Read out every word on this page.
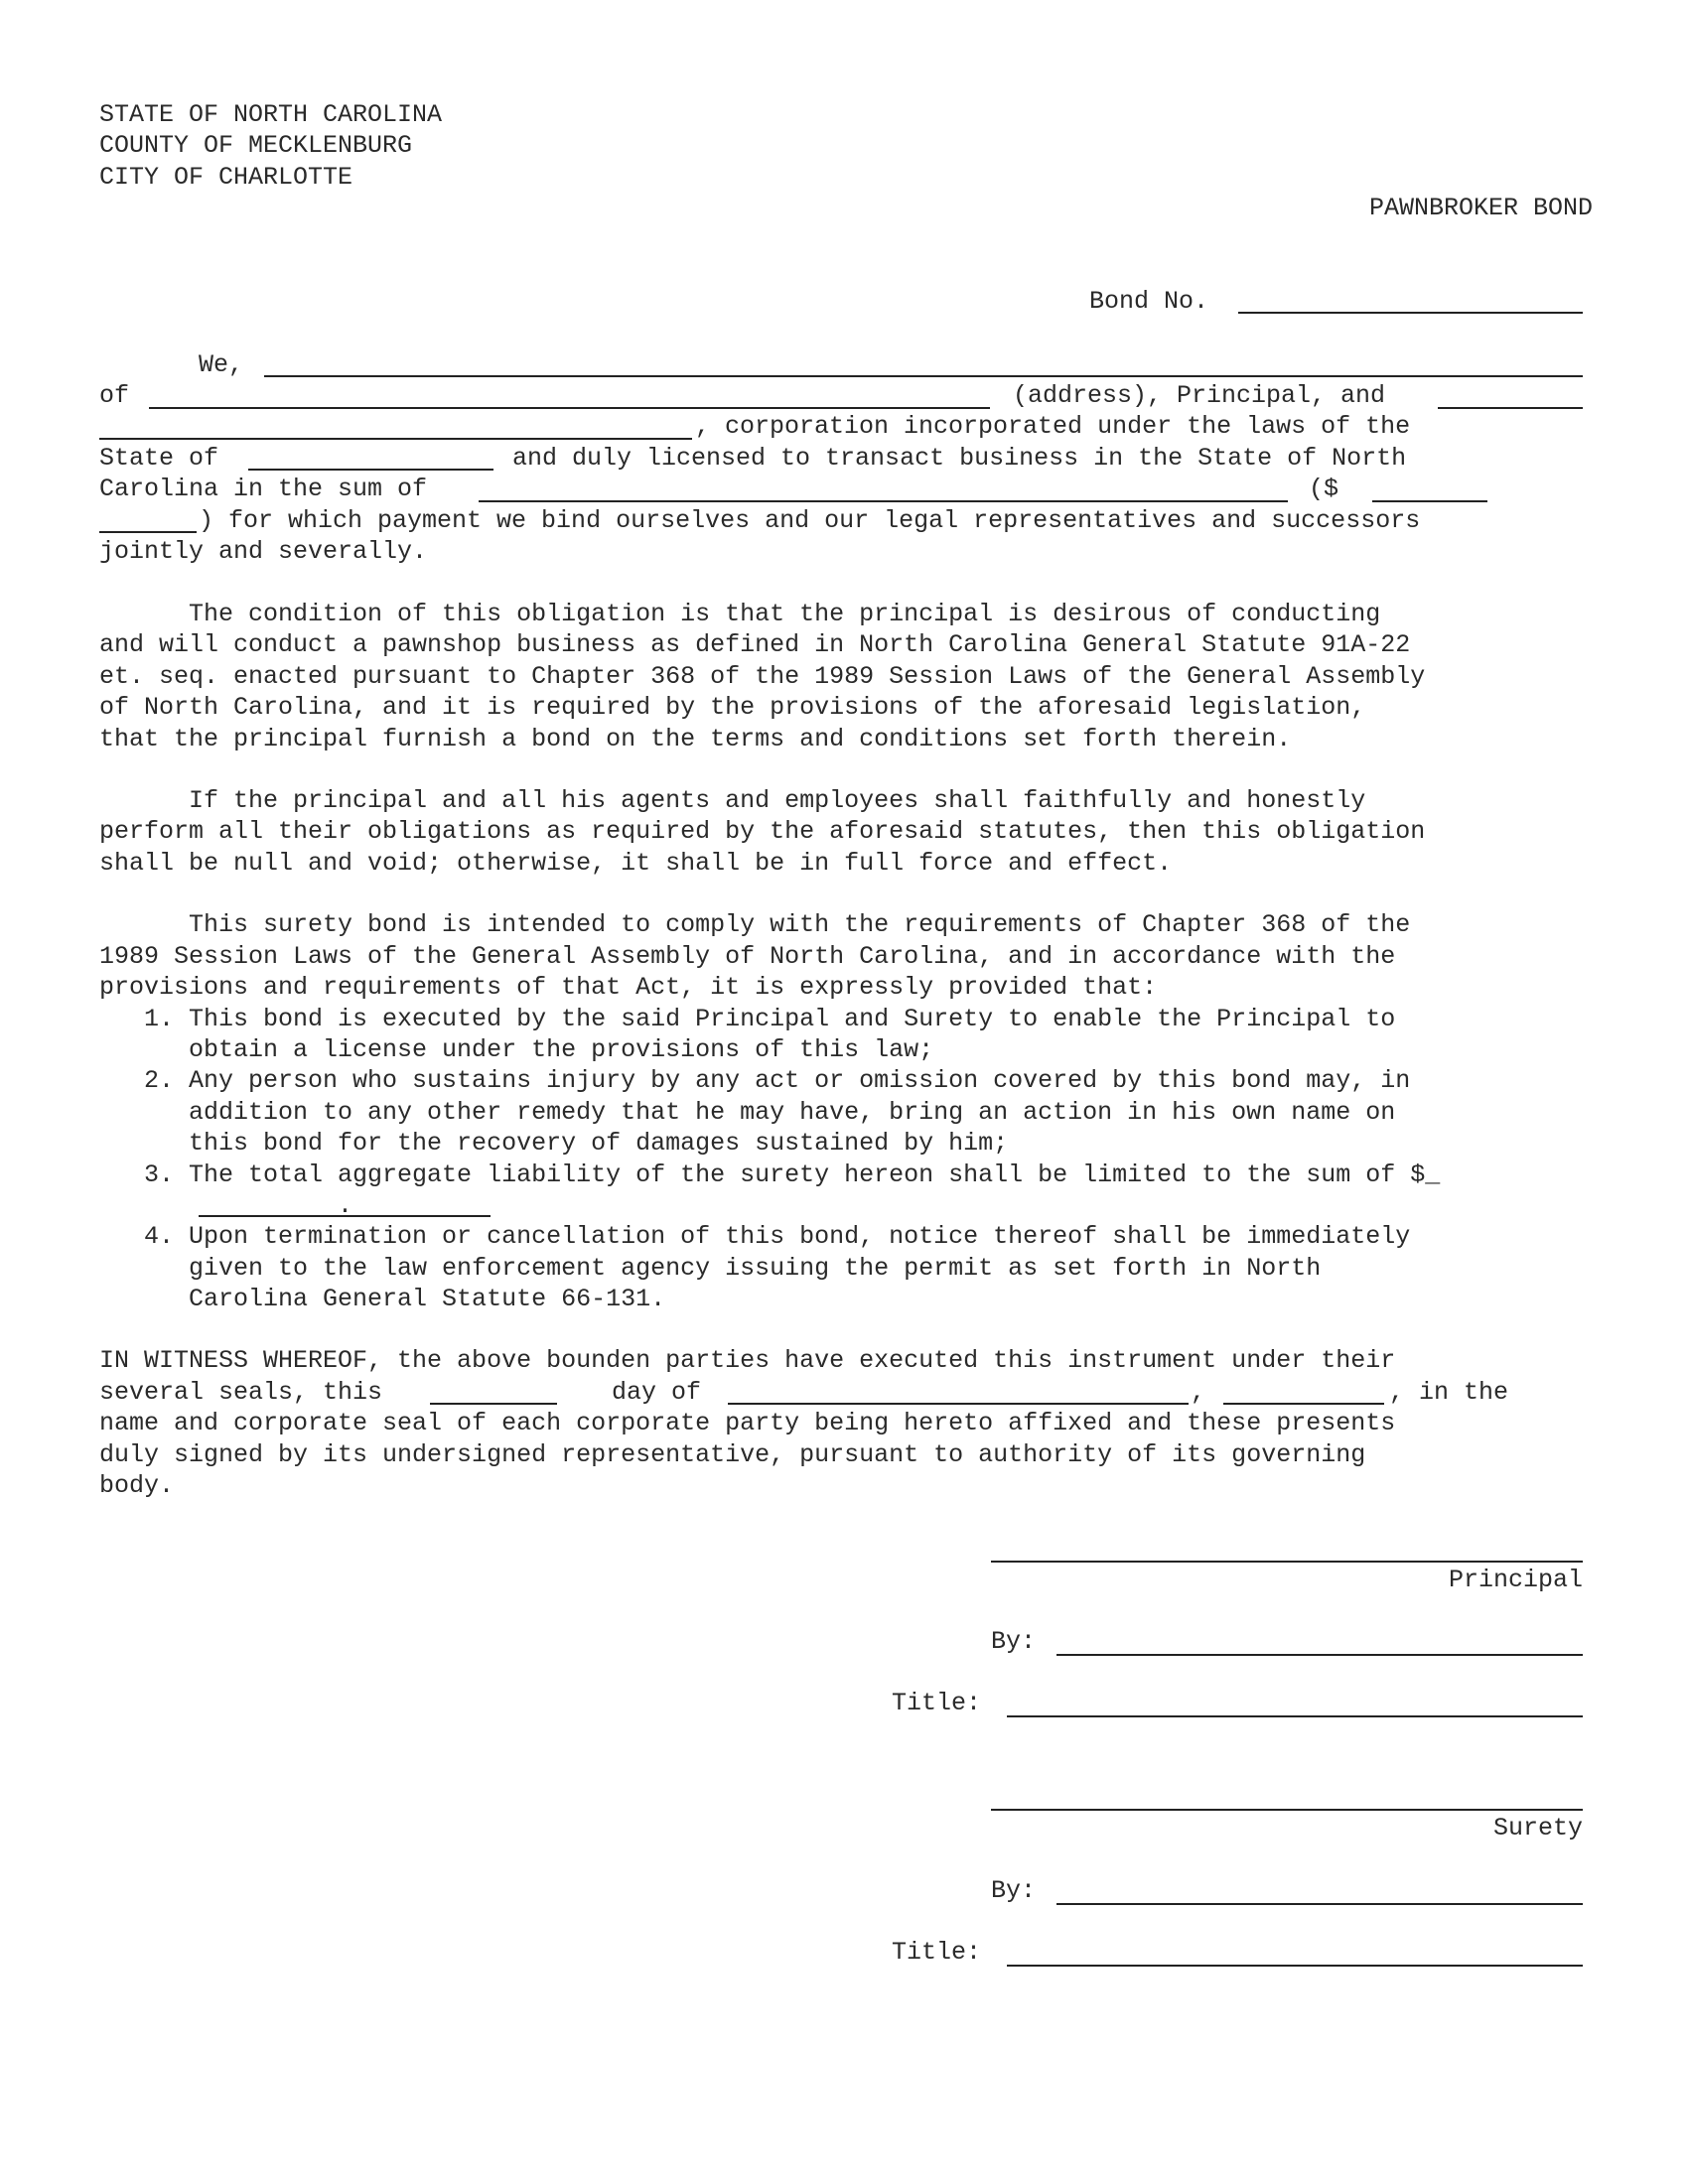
STATE OF NORTH CAROLINA
COUNTY OF MECKLENBURG
CITY OF CHARLOTTE
PAWNBROKER BOND
Bond No.
We,
of	(address), Principal, and
, corporation incorporated under the laws of the
State of	and duly licensed to transact business in the State of North
Carolina in the sum of	($
) for which payment we bind ourselves and our legal representatives and successors
jointly and severally.
The condition of this obligation is that the principal is desirous of conducting
and will conduct a pawnshop business as defined in North Carolina General Statute 91A-22
et. seq. enacted pursuant to Chapter 368 of the 1989 Session Laws of the General Assembly
of North Carolina, and it is required by the provisions of the aforesaid legislation,
that the principal furnish a bond on the terms and conditions set forth therein.
If the principal and all his agents and employees shall faithfully and honestly
perform all their obligations as required by the aforesaid statutes, then this obligation
shall be null and void; otherwise, it shall be in full force and effect.
This surety bond is intended to comply with the requirements of Chapter 368 of the
1989 Session Laws of the General Assembly of North Carolina, and in accordance with the
provisions and requirements of that Act, it is expressly provided that:
1. This bond is executed by the said Principal and Surety to enable the Principal to
obtain a license under the provisions of this law;
2. Any person who sustains injury by any act or omission covered by this bond may, in
addition to any other remedy that he may have, bring an action in his own name on
this bond for the recovery of damages sustained by him;
3. The total aggregate liability of the surety hereon shall be limited to the sum of $_
.
4. Upon termination or cancellation of this bond, notice thereof shall be immediately
given to the law enforcement agency issuing the permit as set forth in North
Carolina General Statute 66-131.
IN WITNESS WHEREOF, the above bounden parties have executed this instrument under their
several seals, this	day of	,	, in the
name and corporate seal of each corporate party being hereto affixed and these presents
duly signed by its undersigned representative, pursuant to authority of its governing
body.
Principal
By:
Title:
Surety
By:
Title:
